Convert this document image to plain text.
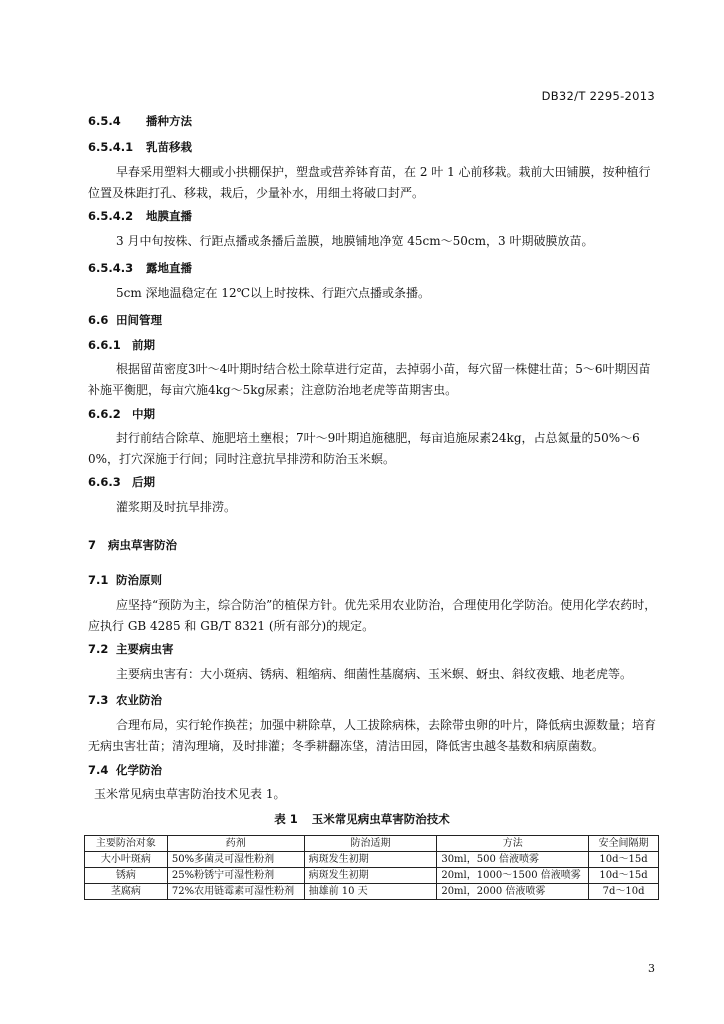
DB32/T 2295-2013
6.5.4 播种方法
6.5.4.1 乳苗移栽
早春采用塑料大棚或小拱棚保护，塑盘或营养钵育苗，在 2 叶 1 心前移栽。栽前大田铺膜，按种植行位置及株距打孔、移栽，栽后，少量补水，用细土将破口封严。
6.5.4.2 地膜直播
3 月中旬按株、行距点播或条播后盖膜，地膜铺地净宽 45cm～50cm，3 叶期破膜放苗。
6.5.4.3 露地直播
5cm 深地温稳定在 12℃以上时按株、行距穴点播或条播。
6.6 田间管理
6.6.1 前期
根据留苗密度3叶～4叶期时结合松土除草进行定苗，去掉弱小苗，每穴留一株健壮苗；5～6叶期因苗补施平衡肥，每亩穴施4kg～5kg尿素；注意防治地老虎等苗期害虫。
6.6.2 中期
封行前结合除草、施肥培土壅根；7叶～9叶期追施穗肥，每亩追施尿素24kg，占总氮量的50%～60%，打穴深施于行间；同时注意抗旱排涝和防治玉米螟。
6.6.3 后期
灌浆期及时抗旱排涝。
7 病虫草害防治
7.1 防治原则
应坚持“预防为主，综合防治”的植保方针。优先采用农业防治，合理使用化学防治。使用化学农药时，应执行 GB 4285 和 GB/T 8321 (所有部分)的规定。
7.2 主要病虫害
主要病虫害有：大小斑病、锈病、粗缩病、细菌性基腐病、玉米螟、蚜虫、斜纹夜蛾、地老虎等。
7.3 农业防治
合理布局，实行轮作换茬；加强中耕除草，人工拔除病株，去除带虫卵的叶片，降低病虫源数量；培育无病虫害壮苗；清沟理墒，及时排灌；冬季耕翻冻垡，清洁田园，降低害虫越冬基数和病原菌数。
7.4 化学防治
玉米常见病虫草害防治技术见表 1。
表 1 玉米常见病虫草害防治技术
主要防治对象	药剂	防治适期	方法	安全间隔期
大小叶斑病	50%多菌灵可湿性粉剂	病斑发生初期	30ml，500 倍液喷雾	10d～15d
锈病	25%粉锈宁可湿性粉剂	病斑发生初期	20ml，1000～1500 倍液喷雾	10d～15d
茎腐病	72%农用链霉素可湿性粉剂	抽雄前 10 天	20ml，2000 倍液喷雾	7d～10d
3
